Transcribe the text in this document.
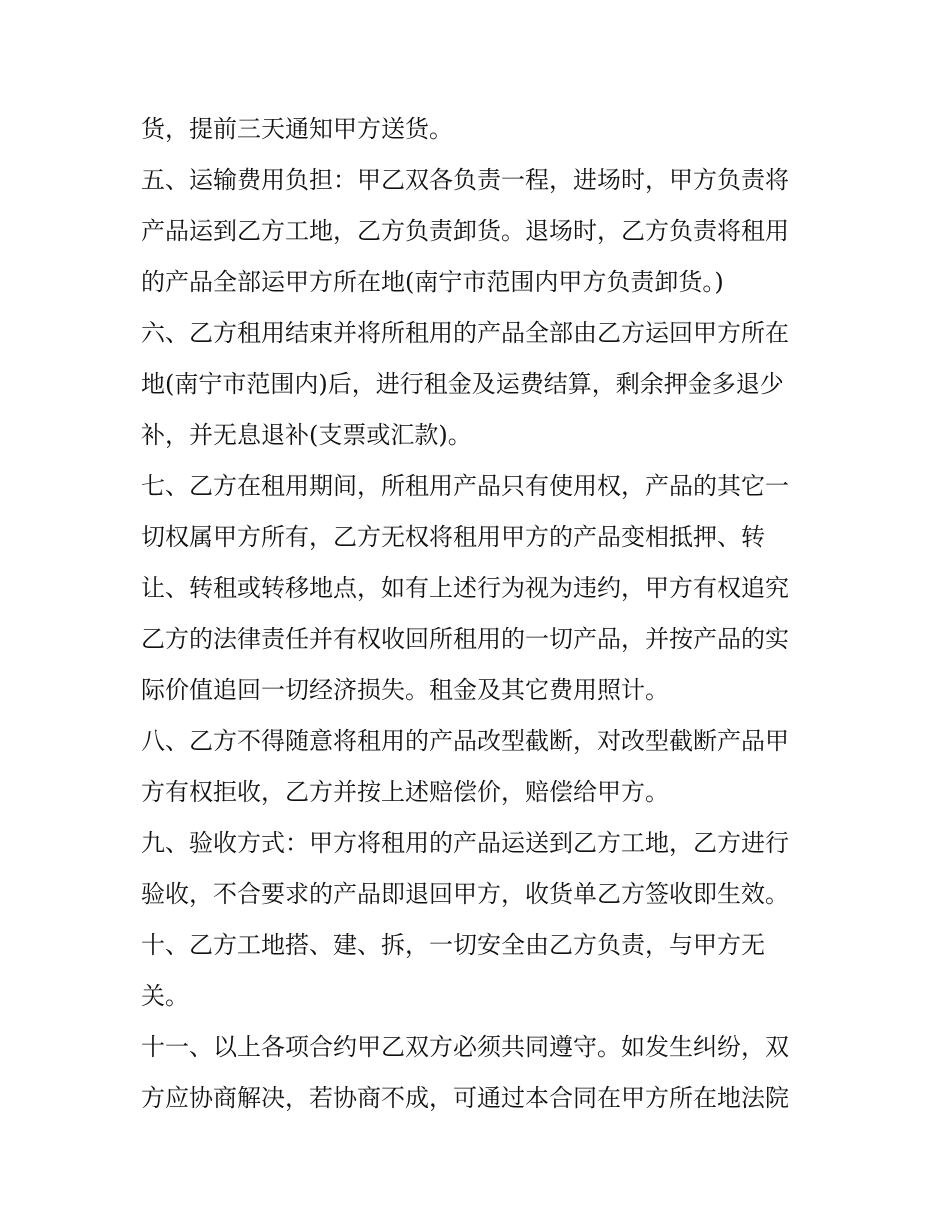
货，提前三天通知甲方送货。
五、运输费用负担：甲乙双各负责一程，进场时，甲方负责将
产品运到乙方工地，乙方负责卸货。退场时，乙方负责将租用
的产品全部运甲方所在地(南宁市范围内甲方负责卸货。)
六、乙方租用结束并将所租用的产品全部由乙方运回甲方所在
地(南宁市范围内)后，进行租金及运费结算，剩余押金多退少
补，并无息退补(支票或汇款)。
七、乙方在租用期间，所租用产品只有使用权，产品的其它一
切权属甲方所有，乙方无权将租用甲方的产品变相抵押、转
让、转租或转移地点，如有上述行为视为违约，甲方有权追究
乙方的法律责任并有权收回所租用的一切产品，并按产品的实
际价值追回一切经济损失。租金及其它费用照计。
八、乙方不得随意将租用的产品改型截断，对改型截断产品甲
方有权拒收，乙方并按上述赔偿价，赔偿给甲方。
九、验收方式：甲方将租用的产品运送到乙方工地，乙方进行
验收，不合要求的产品即退回甲方，收货单乙方签收即生效。
十、乙方工地搭、建、拆，一切安全由乙方负责，与甲方无
关。
十一、以上各项合约甲乙双方必须共同遵守。如发生纠纷，双
方应协商解决，若协商不成，可通过本合同在甲方所在地法院
